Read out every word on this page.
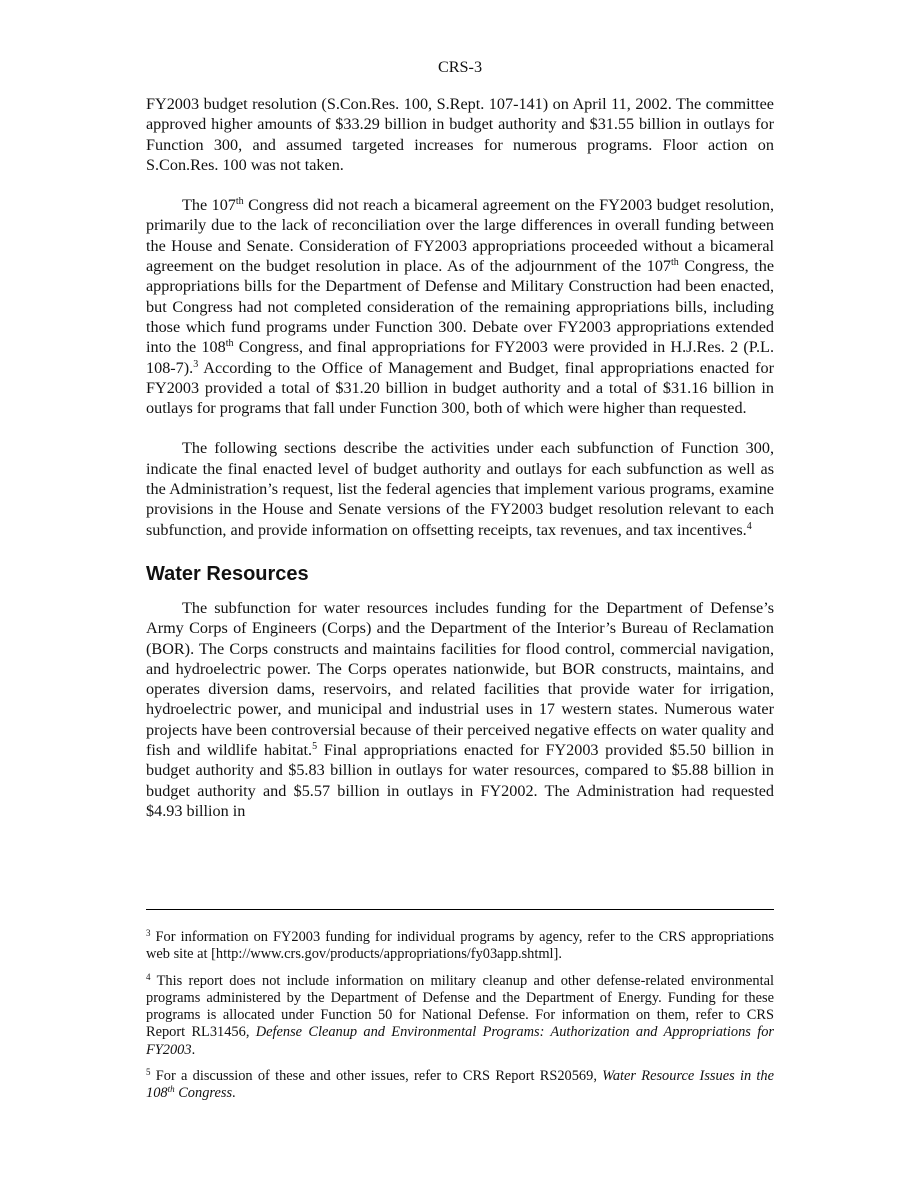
CRS-3

FY2003 budget resolution (S.Con.Res. 100, S.Rept. 107-141) on April 11, 2002. The committee approved higher amounts of $33.29 billion in budget authority and $31.55 billion in outlays for Function 300, and assumed targeted increases for numerous programs. Floor action on S.Con.Res. 100 was not taken.

The 107th Congress did not reach a bicameral agreement on the FY2003 budget resolution, primarily due to the lack of reconciliation over the large differences in overall funding between the House and Senate. Consideration of FY2003 appropriations proceeded without a bicameral agreement on the budget resolution in place. As of the adjournment of the 107th Congress, the appropriations bills for the Department of Defense and Military Construction had been enacted, but Congress had not completed consideration of the remaining appropriations bills, including those which fund programs under Function 300. Debate over FY2003 appropriations extended into the 108th Congress, and final appropriations for FY2003 were provided in H.J.Res. 2 (P.L. 108-7).$^3$ According to the Office of Management and Budget, final appropriations enacted for FY2003 provided a total of $31.20 billion in budget authority and a total of $31.16 billion in outlays for programs that fall under Function 300, both of which were higher than requested.

The following sections describe the activities under each subfunction of Function 300, indicate the final enacted level of budget authority and outlays for each subfunction as well as the Administration’s request, list the federal agencies that implement various programs, examine provisions in the House and Senate versions of the FY2003 budget resolution relevant to each subfunction, and provide information on offsetting receipts, tax revenues, and tax incentives.$^4$

Water Resources

The subfunction for water resources includes funding for the Department of Defense’s Army Corps of Engineers (Corps) and the Department of the Interior’s Bureau of Reclamation (BOR). The Corps constructs and maintains facilities for flood control, commercial navigation, and hydroelectric power. The Corps operates nationwide, but BOR constructs, maintains, and operates diversion dams, reservoirs, and related facilities that provide water for irrigation, hydroelectric power, and municipal and industrial uses in 17 western states. Numerous water projects have been controversial because of their perceived negative effects on water quality and fish and wildlife habitat.$^5$ Final appropriations enacted for FY2003 provided $5.50 billion in budget authority and $5.83 billion in outlays for water resources, compared to $5.88 billion in budget authority and $5.57 billion in outlays in FY2002. The Administration had requested $4.93 billion in

$^3$ For information on FY2003 funding for individual programs by agency, refer to the CRS appropriations web site at [http://www.crs.gov/products/appropriations/fy03app.shtml].

$^4$ This report does not include information on military cleanup and other defense-related environmental programs administered by the Department of Defense and the Department of Energy. Funding for these programs is allocated under Function 50 for National Defense. For information on them, refer to CRS Report RL31456, Defense Cleanup and Environmental Programs: Authorization and Appropriations for FY2003.

$^5$ For a discussion of these and other issues, refer to CRS Report RS20569, Water Resource Issues in the 108th Congress.
